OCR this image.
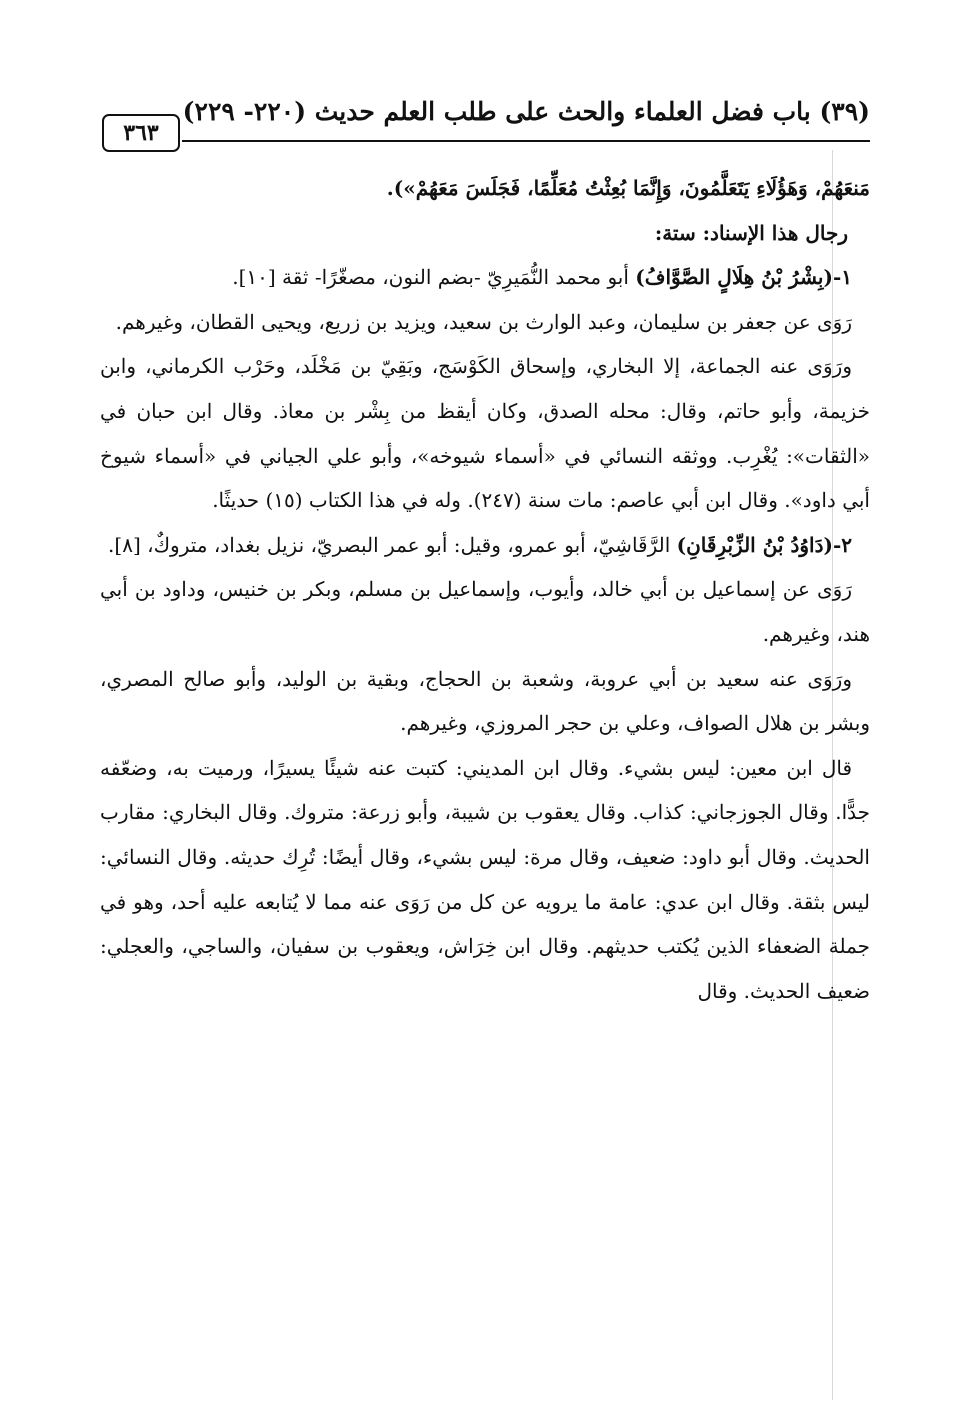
(٣٩) باب فضل العلماء والحث على طلب العلم حديث (٢٢٠- ٢٢٩)
٣٦٣

مَنعَهُمْ، وَهَؤُلَاءِ يَتَعَلَّمُونَ، وَإِنَّمَا بُعِثْتُ مُعَلِّمًا، فَجَلَسَ مَعَهُمْ»).

رجال هذا الإسناد: ستة:

١-(بِشْرُ بْنُ هِلَالٍ الصَّوَّافُ) أبو محمد النُّمَيرِيّ -بضم النون، مصغّرًا- ثقة [١٠].

رَوَى عن جعفر بن سليمان، وعبد الوارث بن سعيد، ويزيد بن زريع، ويحيى القطان، وغيرهم.

ورَوَى عنه الجماعة، إلا البخاري، وإسحاق الكَوْسَج، وبَقِيّ بن مَخْلَد، وحَرْب الكرماني، وابن خزيمة، وأبو حاتم، وقال: محله الصدق، وكان أيقظ من بِشْر بن معاذ. وقال ابن حبان في «الثقات»: يُغْرِب. ووثقه النسائي في «أسماء شيوخه»، وأبو علي الجياني في «أسماء شيوخ أبي داود». وقال ابن أبي عاصم: مات سنة (٢٤٧). وله في هذا الكتاب (١٥) حديثًا.

٢-(دَاوُدُ بْنُ الزِّبْرِقَانِ) الرَّقَاشِيّ، أبو عمرو، وقيل: أبو عمر البصريّ، نزيل بغداد، متروكٌ، [٨].

رَوَى عن إسماعيل بن أبي خالد، وأيوب، وإسماعيل بن مسلم، وبكر بن خنيس، وداود بن أبي هند، وغيرهم.

ورَوَى عنه سعيد بن أبي عروبة، وشعبة بن الحجاج، وبقية بن الوليد، وأبو صالح المصري، وبشر بن هلال الصواف، وعلي بن حجر المروزي، وغيرهم.

قال ابن معين: ليس بشيء. وقال ابن المديني: كتبت عنه شيئًا يسيرًا، ورميت به، وضعّفه جدًّا. وقال الجوزجاني: كذاب. وقال يعقوب بن شيبة، وأبو زرعة: متروك. وقال البخاري: مقارب الحديث. وقال أبو داود: ضعيف، وقال مرة: ليس بشيء، وقال أيضًا: تُرِك حديثه. وقال النسائي: ليس بثقة. وقال ابن عدي: عامة ما يرويه عن كل من رَوَى عنه مما لا يُتابعه عليه أحد، وهو في جملة الضعفاء الذين يُكتب حديثهم. وقال ابن خِرَاش، ويعقوب بن سفيان، والساجي، والعجلي: ضعيف الحديث. وقال
